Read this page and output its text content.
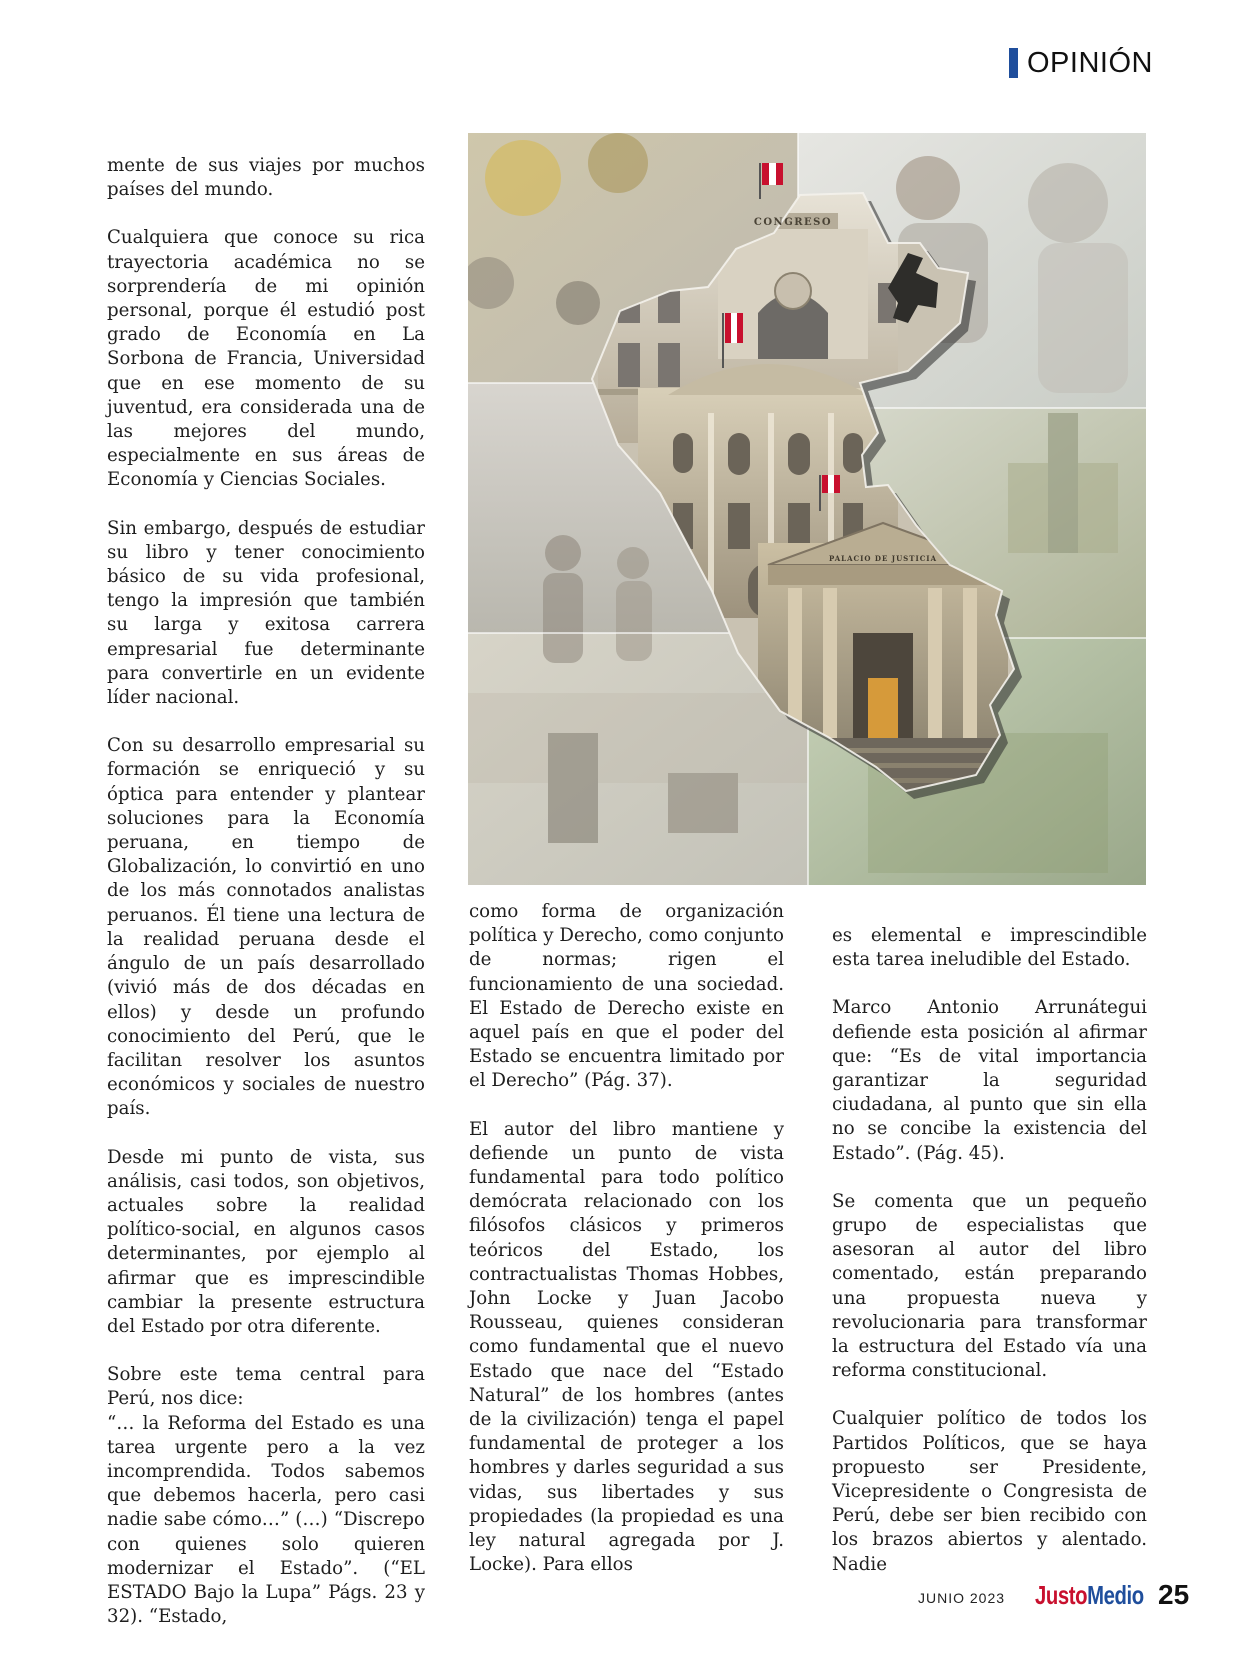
OPINIÓN

mente de sus viajes por muchos países del mundo.

Cualquiera que conoce su rica trayectoria académica no se sorprendería de mi opinión personal, porque él estudió post grado de Economía en La Sorbona de Francia, Universidad que en ese momento de su juventud, era considerada una de las mejores del mundo, especialmente en sus áreas de Economía y Ciencias Sociales.

Sin embargo, después de estudiar su libro y tener conocimiento básico de su vida profesional, tengo la impresión que también su larga y exitosa carrera empresarial fue determinante para convertirle en un evidente líder nacional.

Con su desarrollo empresarial su formación se enriqueció y su óptica para entender y plantear soluciones para la Economía peruana, en tiempo de Globalización, lo convirtió en uno de los más connotados analistas peruanos. Él tiene una lectura de la realidad peruana desde el ángulo de un país desarrollado (vivió más de dos décadas en ellos) y desde un profundo conocimiento del Perú, que le facilitan resolver los asuntos económicos y sociales de nuestro país.

Desde mi punto de vista, sus análisis, casi todos, son objetivos, actuales sobre la realidad político-social, en algunos casos determinantes, por ejemplo al afirmar que es imprescindible cambiar la presente estructura del Estado por otra diferente.

Sobre este tema central para Perú, nos dice:

“… la Reforma del Estado es una tarea urgente pero a la vez incomprendida. Todos sabemos que debemos hacerla, pero casi nadie sabe cómo…” (…) “Discrepo con quienes solo quieren modernizar el Estado”. (“EL ESTADO Bajo la Lupa” Págs. 23 y 32). “Estado,

CONGRESO
PALACIO DE JUSTICIA

como forma de organización política y Derecho, como conjunto de normas; rigen el funcionamiento de una sociedad. El Estado de Derecho existe en aquel país en que el poder del Estado se encuentra limitado por el Derecho” (Pág. 37).

El autor del libro mantiene y defiende un punto de vista fundamental para todo político demócrata relacionado con los filósofos clásicos y primeros teóricos del Estado, los contractualistas Thomas Hobbes, John Locke y Juan Jacobo Rousseau, quienes consideran como fundamental que el nuevo Estado que nace del “Estado Natural” de los hombres (antes de la civilización) tenga el papel fundamental de proteger a los hombres y darles seguridad a sus vidas, sus libertades y sus propiedades (la propiedad es una ley natural agregada por J. Locke). Para ellos

es elemental e imprescindible esta tarea ineludible del Estado.

Marco Antonio Arrunátegui defiende esta posición al afirmar que: “Es de vital importancia garantizar la seguridad ciudadana, al punto que sin ella no se concibe la existencia del Estado”. (Pág. 45).

Se comenta que un pequeño grupo de especialistas que asesoran al autor del libro comentado, están preparando una propuesta nueva y revolucionaria para transformar la estructura del Estado vía una reforma constitucional.

Cualquier político de todos los Partidos Políticos, que se haya propuesto ser Presidente, Vicepresidente o Congresista de Perú, debe ser bien recibido con los brazos abiertos y alentado. Nadie

JUNIO 2023 JustoMedio 25
